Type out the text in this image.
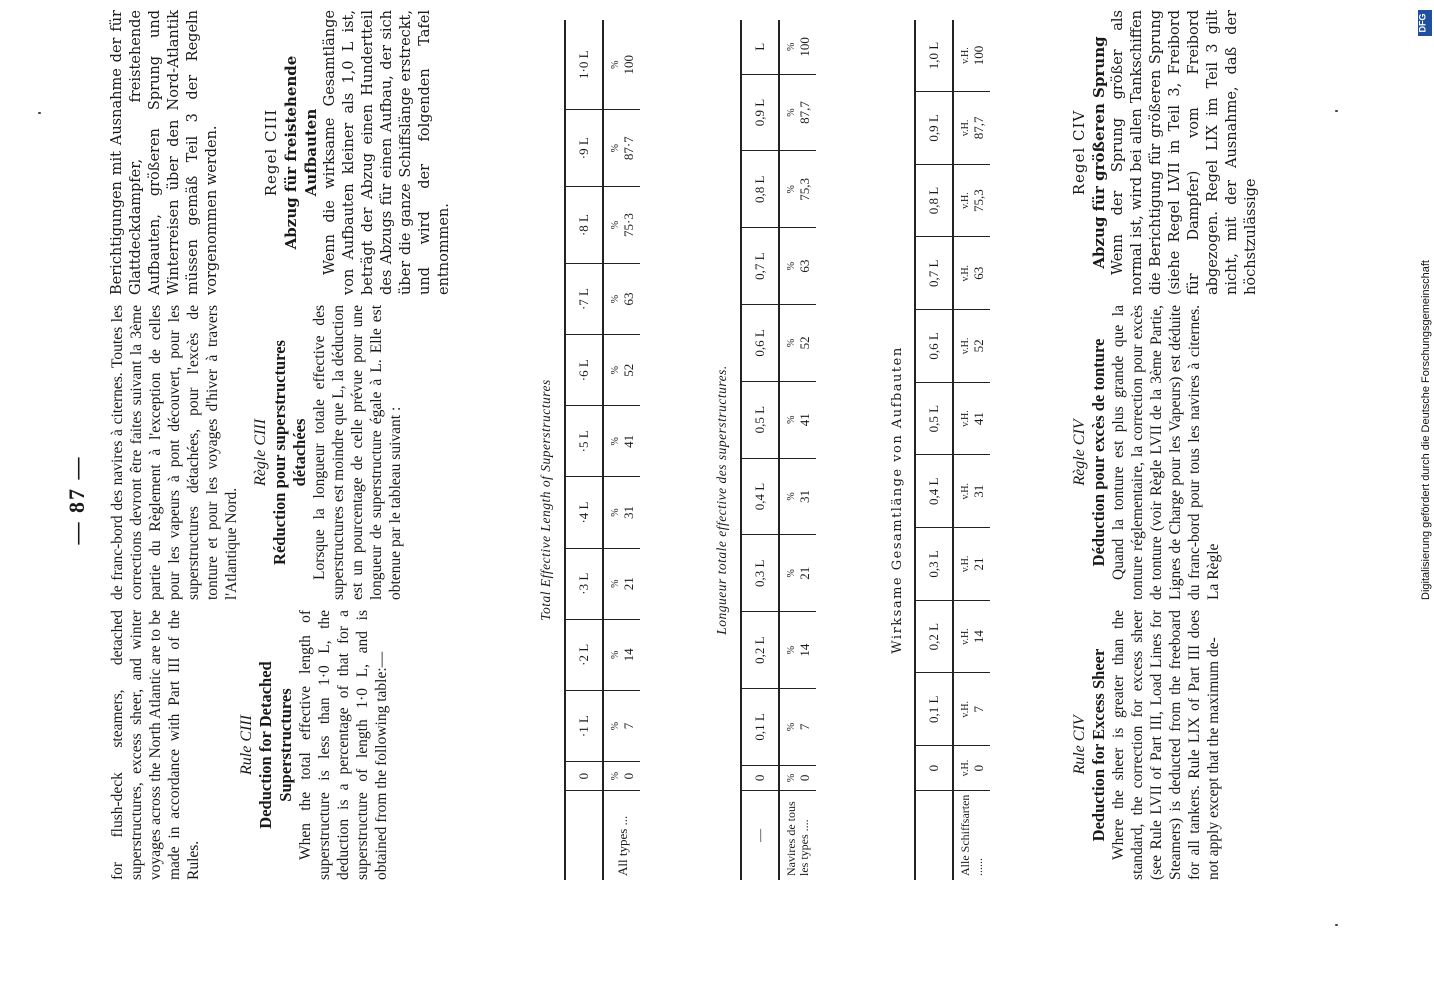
— 87 —

for flush-deck steamers, detached superstructures, excess sheer, and winter voyages across the North Atlantic are to be made in accordance with Part III of the Rules.

Rule CIII Deduction for Detached Superstructures When the total effective length of superstructure is less than 1·0 L, the deduction is a percentage of that for a superstructure of length 1·0 L, and is obtained from the following table:—

de franc-bord des navires à citernes. Toutes les corrections devront être faites suivant la 3ème partie du Règlement à l'exception de celles pour les vapeurs à pont découvert, pour les superstructures détachées, pour l'excès de tonture et pour les voyages d'hiver à travers l'Atlantique Nord.

Règle CIII Réduction pour superstructures détachées Lorsque la longueur totale effective des superstructures est moindre que L, la déduction est un pourcentage de celle prévue pour une longueur de superstructure égale à L. Elle est obtenue par le tableau suivant :

Berichtigungen mit Ausnahme der für Glattdeckdampfer, freistehende Aufbauten, größeren Sprung und Winterreisen über den Nord-Atlantik müssen gemäß Teil 3 der Regeln vorgenommen werden.	Regel CIII Abzug für freistehende Aufbauten Wenn die wirksame Gesamtlänge von Aufbauten kleiner als 1,0 L ist, beträgt der Abzug einen Hundertteil des Abzugs für einen Aufbau, der sich über die ganze Schiffslänge erstreckt, und wird der folgenden Tafel entnommen.

Total Effective Length of Superstructures
	0	·1 L	·2 L	·3 L	·4 L	·5 L	·6 L	·7 L	·8 L	·9 L	1·0 L
All types ...	% 0	% 7	% 14	% 21	% 31	% 41	% 52	% 63	% 75·3	% 87·7	% 100
Longueur totale effective des superstructures.
—	0	0,1 L	0,2 L	0,3 L	0,4 L	0,5 L	0,6 L	0,7 L	0,8 L	0,9 L	L
Navires de tous les types ....	% 0	% 7	% 14	% 21	% 31	% 41	% 52	% 63	% 75,3	% 87,7	% 100
Wirksame Gesamtlänge von Aufbauten
	0	0,1 L	0,2 L	0,3 L	0,4 L	0,5 L	0,6 L	0,7 L	0,8 L	0,9 L	1,0 L
Alle Schiffsarten ......	v.H. 0	v.H. 7	v.H. 14	v.H. 21	v.H. 31	v.H. 41	v.H. 52	v.H. 63	v.H. 75,3	v.H. 87,7	v.H. 100

Rule CIV Deduction for Excess Sheer Where the sheer is greater than the standard, the correction for excess sheer (see Rule LVII of Part III, Load Lines for Steamers) is deducted from the freeboard for all tankers. Rule LIX of Part III does not apply except that the maximum de-

Règle CIV Déduction pour excès de tonture Quand la tonture est plus grande que la tonture réglementaire, la correction pour excès de tonture (voir Règle LVII de la 3ème Partie, Lignes de Charge pour les Vapeurs) est déduite du franc-bord pour tous les navires à citernes. La Règle

Regel CIV Abzug für größeren Sprung Wenn der Sprung größer als normal ist, wird bei allen Tankschiffen die Berichtigung für größeren Sprung (siehe Regel LVII in Teil 3, Freibord für Dampfer) vom Freibord abgezogen. Regel LIX im Teil 3 gilt nicht, mit der Ausnahme, daß der höchstzulässige

DFG
Digitalisierung gefördert durch die Deutsche Forschungsgemeinschaft
